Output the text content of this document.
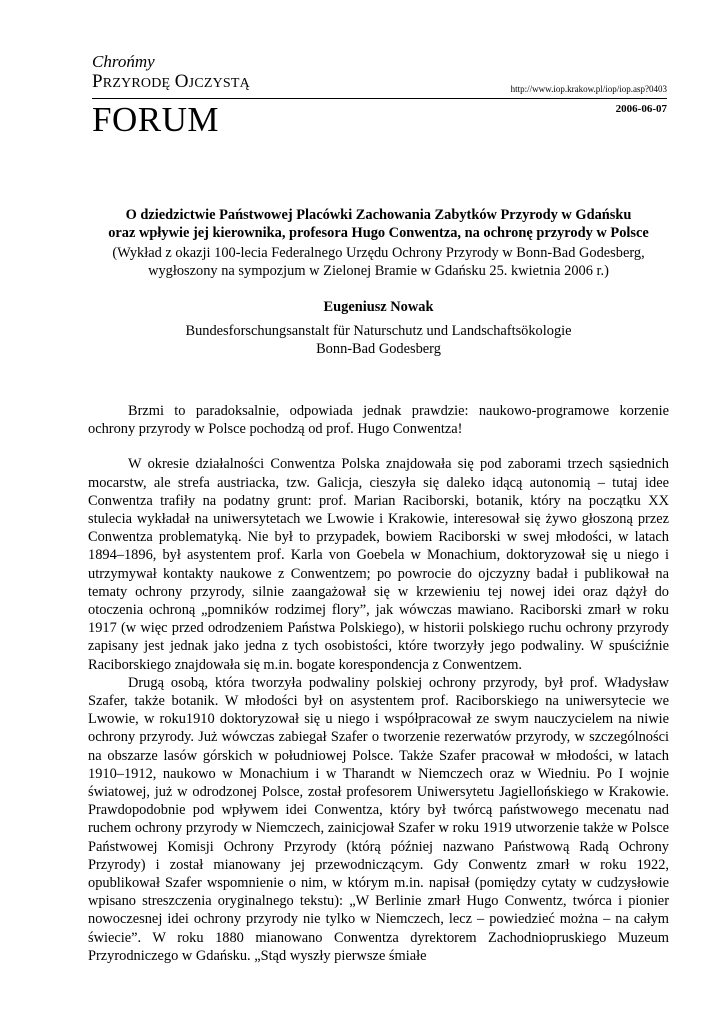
Chrońmy
PRZYRODĘ OJCZYSTĄ	http://www.iop.krakow.pl/iop/iop.asp?0403
FORUM	2006-06-07

O dziedzictwie Państwowej Placówki Zachowania Zabytków Przyrody w Gdańsku
oraz wpływie jej kierownika, profesora Hugo Conwentza, na ochronę przyrody w Polsce

(Wykład z okazji 100-lecia Federalnego Urzędu Ochrony Przyrody w Bonn-Bad Godesberg,
wygłoszony na sympozjum w Zielonej Bramie w Gdańsku 25. kwietnia 2006 r.)

Eugeniusz Nowak

Bundesforschungsanstalt für Naturschutz und Landschaftsökologie
Bonn-Bad Godesberg

Brzmi to paradoksalnie, odpowiada jednak prawdzie: naukowo-programowe korzenie ochrony przyrody w Polsce pochodzą od prof. Hugo Conwentza!

W okresie działalności Conwentza Polska znajdowała się pod zaborami trzech sąsiednich mocarstw, ale strefa austriacka, tzw. Galicja, cieszyła się daleko idącą autonomią – tutaj idee Conwentza trafiły na podatny grunt: prof. Marian Raciborski, botanik, który na początku XX stulecia wykładał na uniwersytetach we Lwowie i Krakowie, interesował się żywo głoszoną przez Conwentza problematyką. Nie był to przypadek, bowiem Raciborski w swej młodości, w latach 1894–1896, był asystentem prof. Karla von Goebela w Monachium, doktoryzował się u niego i utrzymywał kontakty naukowe z Conwentzem; po powrocie do ojczyzny badał i publikował na tematy ochrony przyrody, silnie zaangażował się w krzewieniu tej nowej idei oraz dążył do otoczenia ochroną „pomników rodzimej flory”, jak wówczas mawiano. Raciborski zmarł w roku 1917 (w więc przed odrodzeniem Państwa Polskiego), w historii polskiego ruchu ochrony przyrody zapisany jest jednak jako jedna z tych osobistości, które tworzyły jego podwaliny. W spuściźnie Raciborskiego znajdowała się m.in. bogate korespondencja z Conwentzem.

Drugą osobą, która tworzyła podwaliny polskiej ochrony przyrody, był prof. Władysław Szafer, także botanik. W młodości był on asystentem prof. Raciborskiego na uniwersytecie we Lwowie, w roku1910 doktoryzował się u niego i współpracował ze swym nauczycielem na niwie ochrony przyrody. Już wówczas zabiegał Szafer o tworzenie rezerwatów przyrody, w szczególności na obszarze lasów górskich w południowej Polsce. Także Szafer pracował w młodości, w latach 1910–1912, naukowo w Monachium i w Tharandt w Niemczech oraz w Wiedniu. Po I wojnie światowej, już w odrodzonej Polsce, został profesorem Uniwersytetu Jagiellońskiego w Krakowie. Prawdopodobnie pod wpływem idei Conwentza, który był twórcą państwowego mecenatu nad ruchem ochrony przyrody w Niemczech, zainicjował Szafer w roku 1919 utworzenie także w Polsce Państwowej Komisji Ochrony Przyrody (którą później nazwano Państwową Radą Ochrony Przyrody) i został mianowany jej przewodniczącym. Gdy Conwentz zmarł w roku 1922, opublikował Szafer wspomnienie o nim, w którym m.in. napisał (pomiędzy cytaty w cudzysłowie wpisano streszczenia oryginalnego tekstu): „W Berlinie zmarł Hugo Conwentz, twórca i pionier nowoczesnej idei ochrony przyrody nie tylko w Niemczech, lecz – powiedzieć można – na całym świecie”. W roku 1880 mianowano Conwentza dyrektorem Zachodniopruskiego Muzeum Przyrodniczego w Gdańsku. „Stąd wyszły pierwsze śmiałe
